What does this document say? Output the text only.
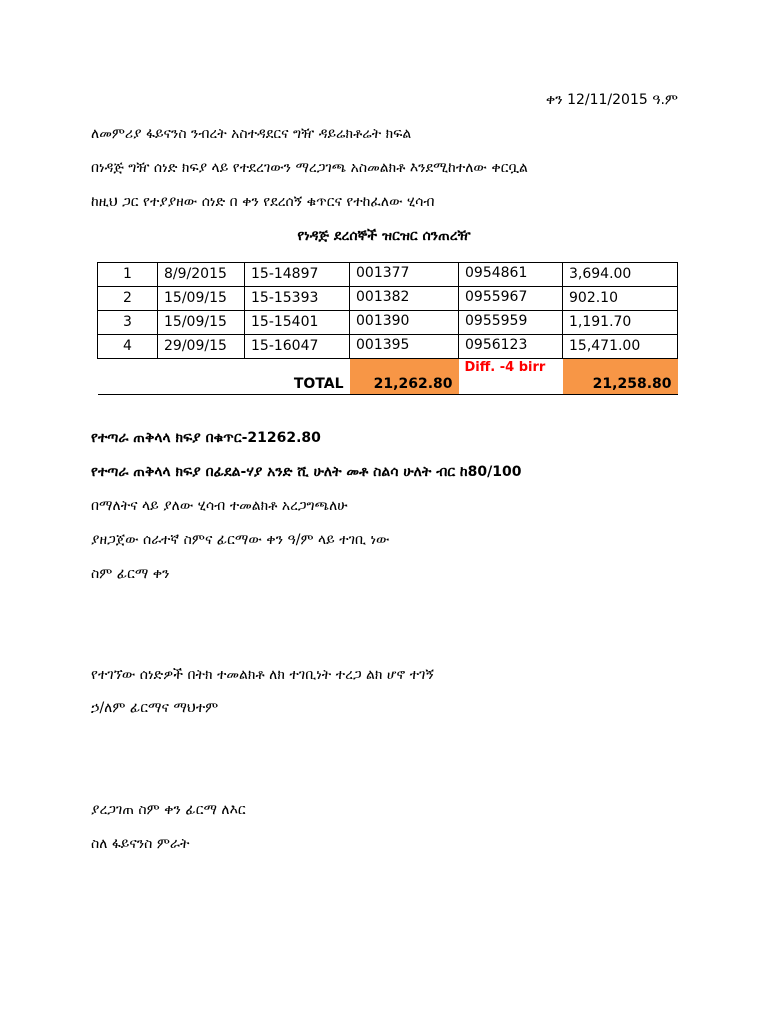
ቀን 12/11/2015 ዓ.ም
ለመምሪያ ፋይናንስ ንብረት አስተዳደርና ግዥ ዳይሬክቶሬት ክፍል
በነዳጅ ግዥ ሰነድ ክፍያ ላይ የተደረገውን ማረጋገጫ አስመልክቶ እንደሚከተለው ቀርቧል
ከዚህ ጋር የተያያዘው ሰነድ በ ቀን የደረሰኝ ቁጥርና የተከፈለው ሂሳብ
የነዳጅ ደረሰኞች ዝርዝር ሰንጠረዥ
1	8/9/2015	15-14897	001377	0954861	3,694.00
2	15/09/15	15-15393	001382	0955967	902.10
3	15/09/15	15-15401	001390	0955959	1,191.70
4	29/09/15	15-16047	001395	0956123	15,471.00
TOTAL			21,262.80	Diff. -4 birr	21,258.80
የተጣራ ጠቅላላ ክፍያ በቁጥር-21262.80
የተጣራ ጠቅላላ ክፍያ በፊደል-ሃያ አንድ ሺ ሁለት መቶ ስልሳ ሁለት ብር ከ80/100
በማለትና ላይ ያለው ሂሳብ ተመልክቶ አረጋግጫለሁ
ያዘጋጀው ሰራተኛ ስምና ፊርማው ቀን ዓ/ም ላይ ተገቢ ነው
ስም ፊርማ ቀን
የተገኘው ሰነድዎች በትክ ተመልክቶ ለክ ተገቢነት ተረጋ ልክ ሆኖ ተገኝ
ኃ/ለም ፊርማና ማህተም
ያረጋገጠ ስም ቀን ፊርማ ለእር
ስለ ፋይናንስ ምራት
